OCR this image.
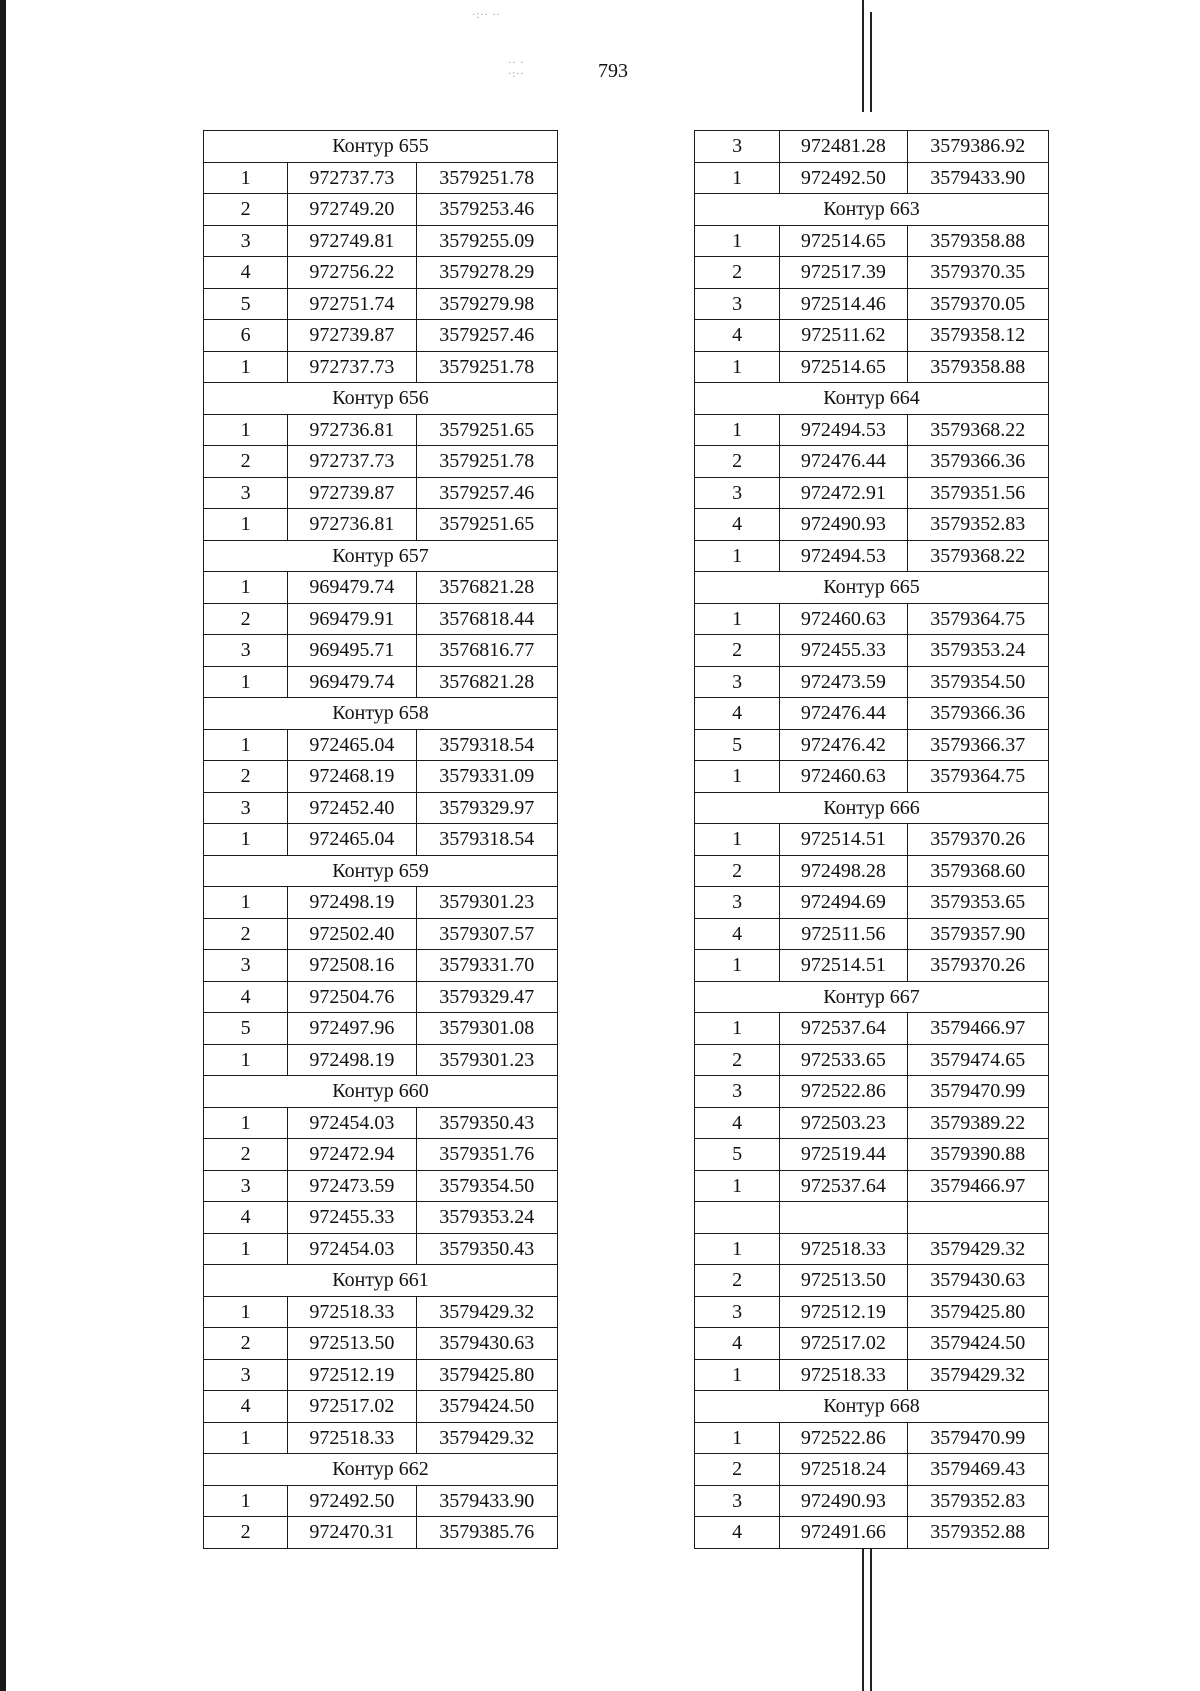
·:·· ··
·· ·
·:··	793
Контур 655		
1	972737.73	3579251.78
2	972749.20	3579253.46
3	972749.81	3579255.09
4	972756.22	3579278.29
5	972751.74	3579279.98
6	972739.87	3579257.46
1	972737.73	3579251.78
Контур 656		
1	972736.81	3579251.65
2	972737.73	3579251.78
3	972739.87	3579257.46
1	972736.81	3579251.65
Контур 657		
1	969479.74	3576821.28
2	969479.91	3576818.44
3	969495.71	3576816.77
1	969479.74	3576821.28
Контур 658		
1	972465.04	3579318.54
2	972468.19	3579331.09
3	972452.40	3579329.97
1	972465.04	3579318.54
Контур 659		
1	972498.19	3579301.23
2	972502.40	3579307.57
3	972508.16	3579331.70
4	972504.76	3579329.47
5	972497.96	3579301.08
1	972498.19	3579301.23
Контур 660		
1	972454.03	3579350.43
2	972472.94	3579351.76
3	972473.59	3579354.50
4	972455.33	3579353.24
1	972454.03	3579350.43
Контур 661		
1	972518.33	3579429.32
2	972513.50	3579430.63
3	972512.19	3579425.80
4	972517.02	3579424.50
1	972518.33	3579429.32
Контур 662		
1	972492.50	3579433.90
2	972470.31	3579385.76
3	972481.28	3579386.92
1	972492.50	3579433.90
Контур 663		
1	972514.65	3579358.88
2	972517.39	3579370.35
3	972514.46	3579370.05
4	972511.62	3579358.12
1	972514.65	3579358.88
Контур 664		
1	972494.53	3579368.22
2	972476.44	3579366.36
3	972472.91	3579351.56
4	972490.93	3579352.83
1	972494.53	3579368.22
Контур 665		
1	972460.63	3579364.75
2	972455.33	3579353.24
3	972473.59	3579354.50
4	972476.44	3579366.36
5	972476.42	3579366.37
1	972460.63	3579364.75
Контур 666		
1	972514.51	3579370.26
2	972498.28	3579368.60
3	972494.69	3579353.65
4	972511.56	3579357.90
1	972514.51	3579370.26
Контур 667		
1	972537.64	3579466.97
2	972533.65	3579474.65
3	972522.86	3579470.99
4	972503.23	3579389.22
5	972519.44	3579390.88
1	972537.64	3579466.97

1	972518.33	3579429.32
2	972513.50	3579430.63
3	972512.19	3579425.80
4	972517.02	3579424.50
1	972518.33	3579429.32
Контур 668		
1	972522.86	3579470.99
2	972518.24	3579469.43
3	972490.93	3579352.83
4	972491.66	3579352.88
